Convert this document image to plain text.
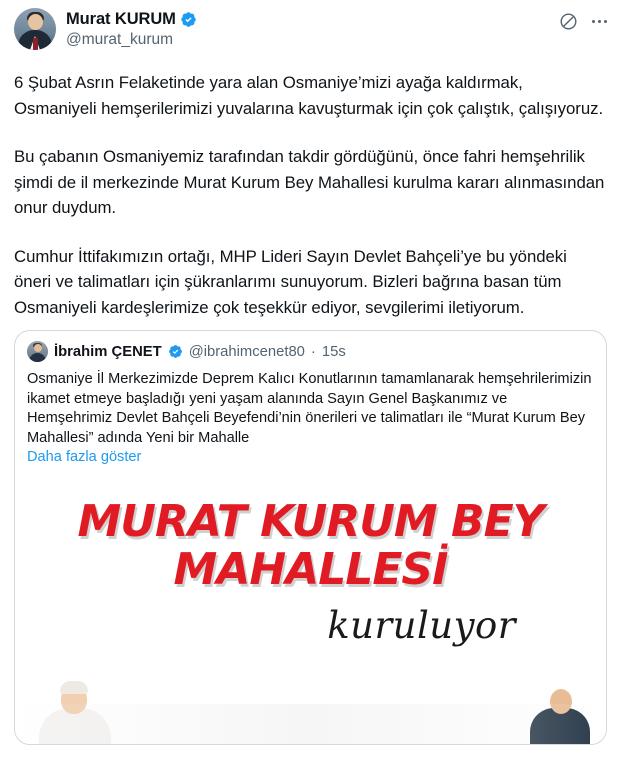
Murat KURUM
@murat_kurum

6 Şubat Asrın Felaketinde yara alan Osmaniye’mizi ayağa kaldırmak, Osmaniyeli hemşerilerimizi yuvalarına kavuşturmak için çok çalıştık, çalışıyoruz.

Bu çabanın Osmaniyemiz tarafından takdir gördüğünü, önce fahri hemşehrilik şimdi de il merkezinde Murat Kurum Bey Mahallesi kurulma kararı alınmasından onur duydum.

Cumhur İttifakımızın ortağı, MHP Lideri Sayın Devlet Bahçeli’ye bu yöndeki öneri ve talimatları için şükranlarımı sunuyorum. Bizleri bağrına basan tüm Osmaniyeli kardeşlerimize çok teşekkür ediyor, sevgilerimi iletiyorum.

İbrahim ÇENET @ibrahimcenet80 · 15s
Osmaniye İl Merkezimizde Deprem Kalıcı Konutlarının tamamlanarak hemşehrilerimizin ikamet etmeye başladığı yeni yaşam alanında Sayın Genel Başkanımız ve Hemşehrimiz Devlet Bahçeli Beyefendi’nin önerileri ve talimatları ile “Murat Kurum Bey Mahallesi” adında Yeni bir Mahalle
Daha fazla göster
MURAT KURUM BEY
MAHALLESİ
kuruluyor
